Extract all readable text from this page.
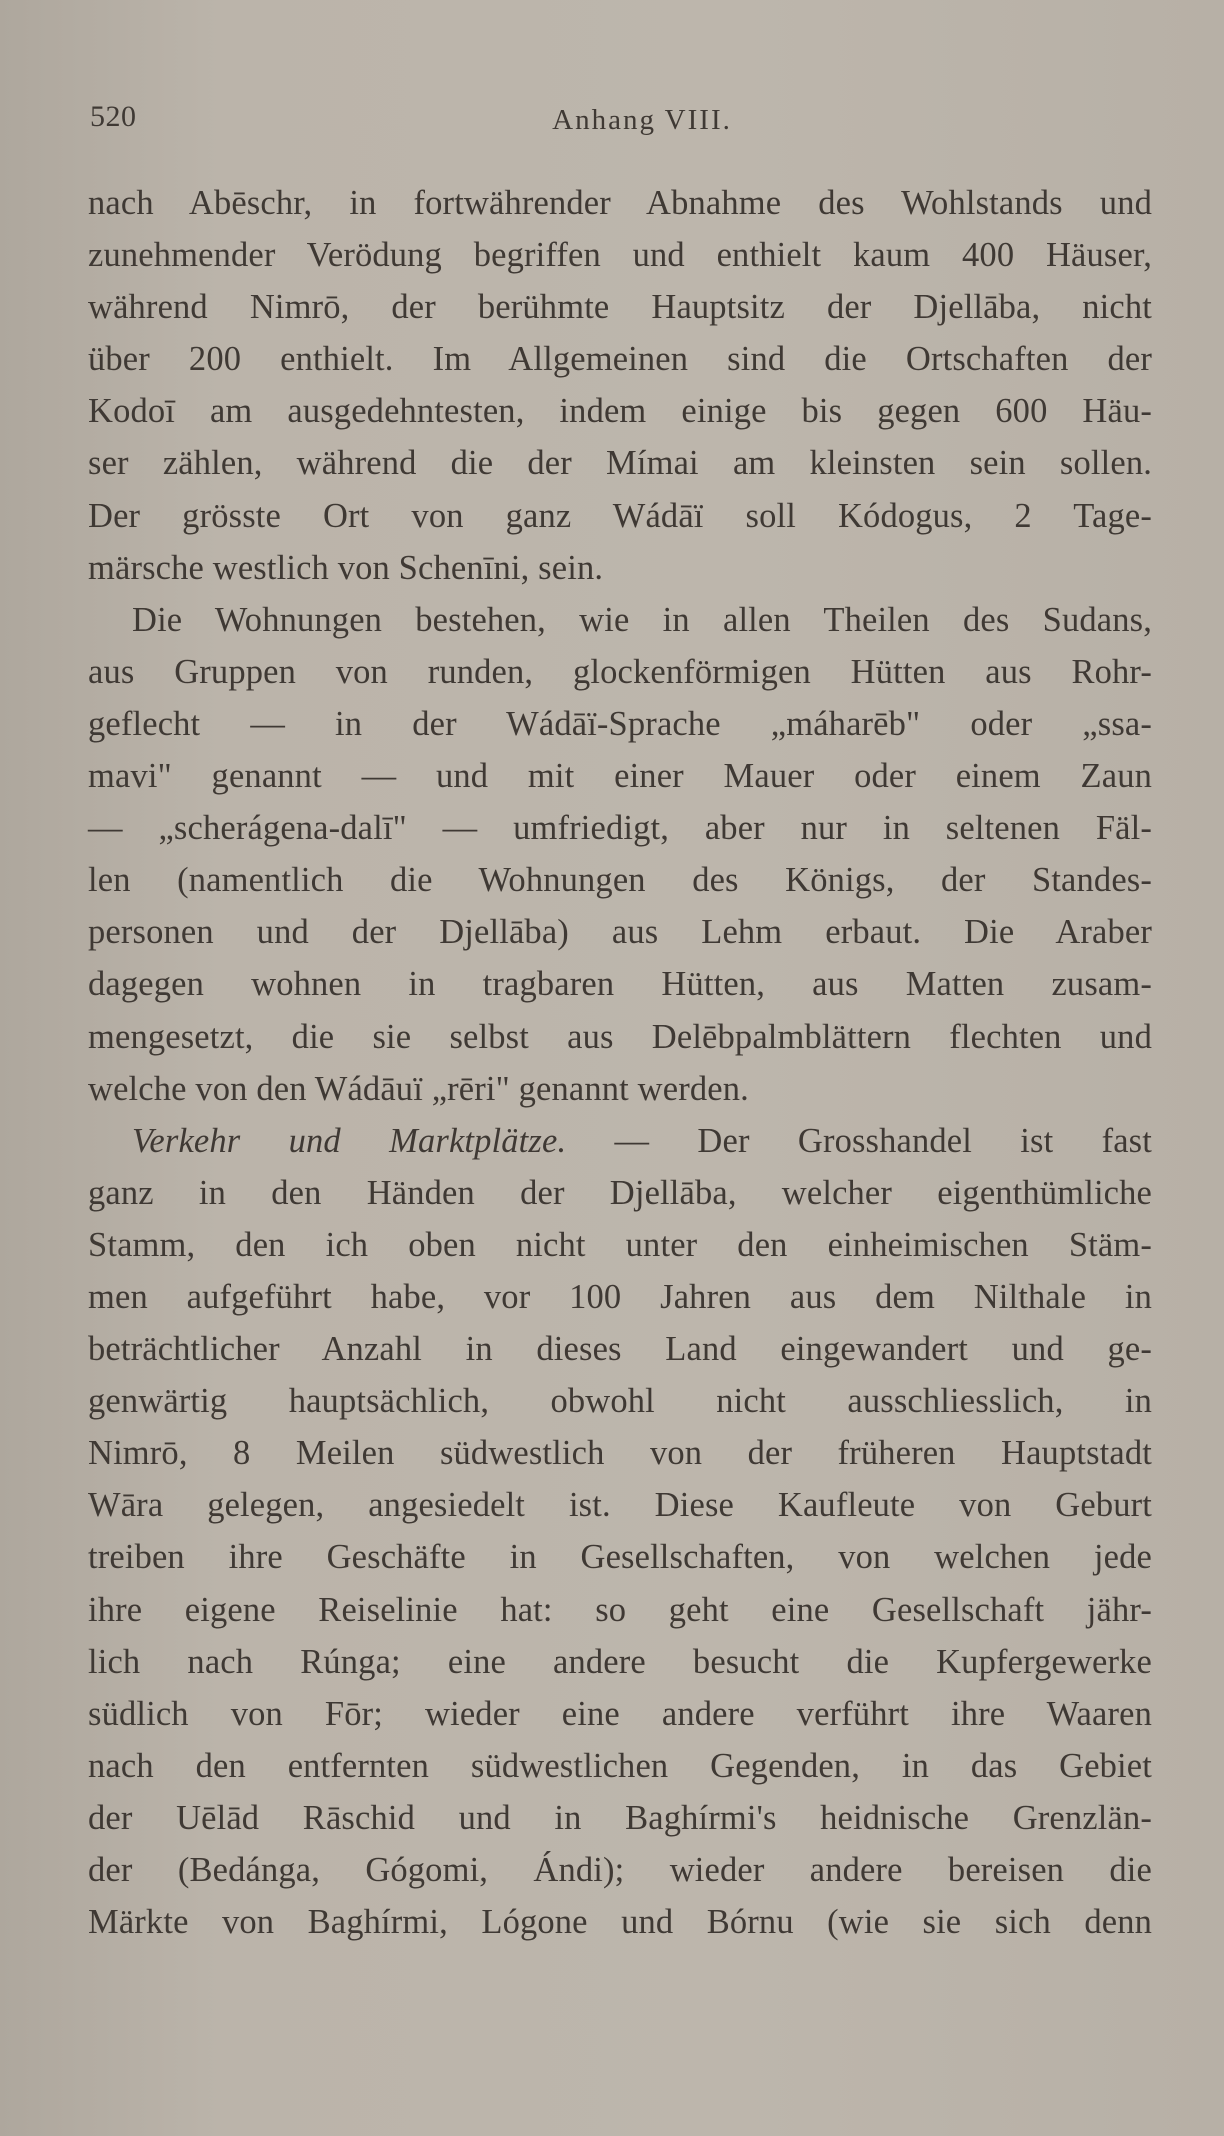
520	Anhang VIII.
nach Abēschr, in fortwährender Abnahme des Wohlstands und
zunehmender Verödung begriffen und enthielt kaum 400 Häuser,
während Nimrō, der berühmte Hauptsitz der Djellāba, nicht
über 200 enthielt. Im Allgemeinen sind die Ortschaften der
Kodoī am ausgedehntesten, indem einige bis gegen 600 Häu-
ser zählen, während die der Mímai am kleinsten sein sollen.
Der grösste Ort von ganz Wádāï soll Kódogus, 2 Tage-
märsche westlich von Schenīni, sein.
Die Wohnungen bestehen, wie in allen Theilen des Sudans,
aus Gruppen von runden, glockenförmigen Hütten aus Rohr-
geflecht — in der Wádāï-Sprache „máharēb" oder „ssa-
mavi" genannt — und mit einer Mauer oder einem Zaun
— „scherágena-dalī" — umfriedigt, aber nur in seltenen Fäl-
len (namentlich die Wohnungen des Königs, der Standes-
personen und der Djellāba) aus Lehm erbaut. Die Araber
dagegen wohnen in tragbaren Hütten, aus Matten zusam-
mengesetzt, die sie selbst aus Delēbpalmblättern flechten und
welche von den Wádāuï „rēri" genannt werden.
Verkehr und Marktplätze. — Der Grosshandel ist fast
ganz in den Händen der Djellāba, welcher eigenthümliche
Stamm, den ich oben nicht unter den einheimischen Stäm-
men aufgeführt habe, vor 100 Jahren aus dem Nilthale in
beträchtlicher Anzahl in dieses Land eingewandert und ge-
genwärtig hauptsächlich, obwohl nicht ausschliesslich, in
Nimrō, 8 Meilen südwestlich von der früheren Hauptstadt
Wāra gelegen, angesiedelt ist. Diese Kaufleute von Geburt
treiben ihre Geschäfte in Gesellschaften, von welchen jede
ihre eigene Reiselinie hat: so geht eine Gesellschaft jähr-
lich nach Rúnga; eine andere besucht die Kupfergewerke
südlich von Fōr; wieder eine andere verführt ihre Waaren
nach den entfernten südwestlichen Gegenden, in das Gebiet
der Uēlād Rāschid und in Baghírmi's heidnische Grenzlän-
der (Bedánga, Gógomi, Ándi); wieder andere bereisen die
Märkte von Baghírmi, Lógone und Bórnu (wie sie sich denn
